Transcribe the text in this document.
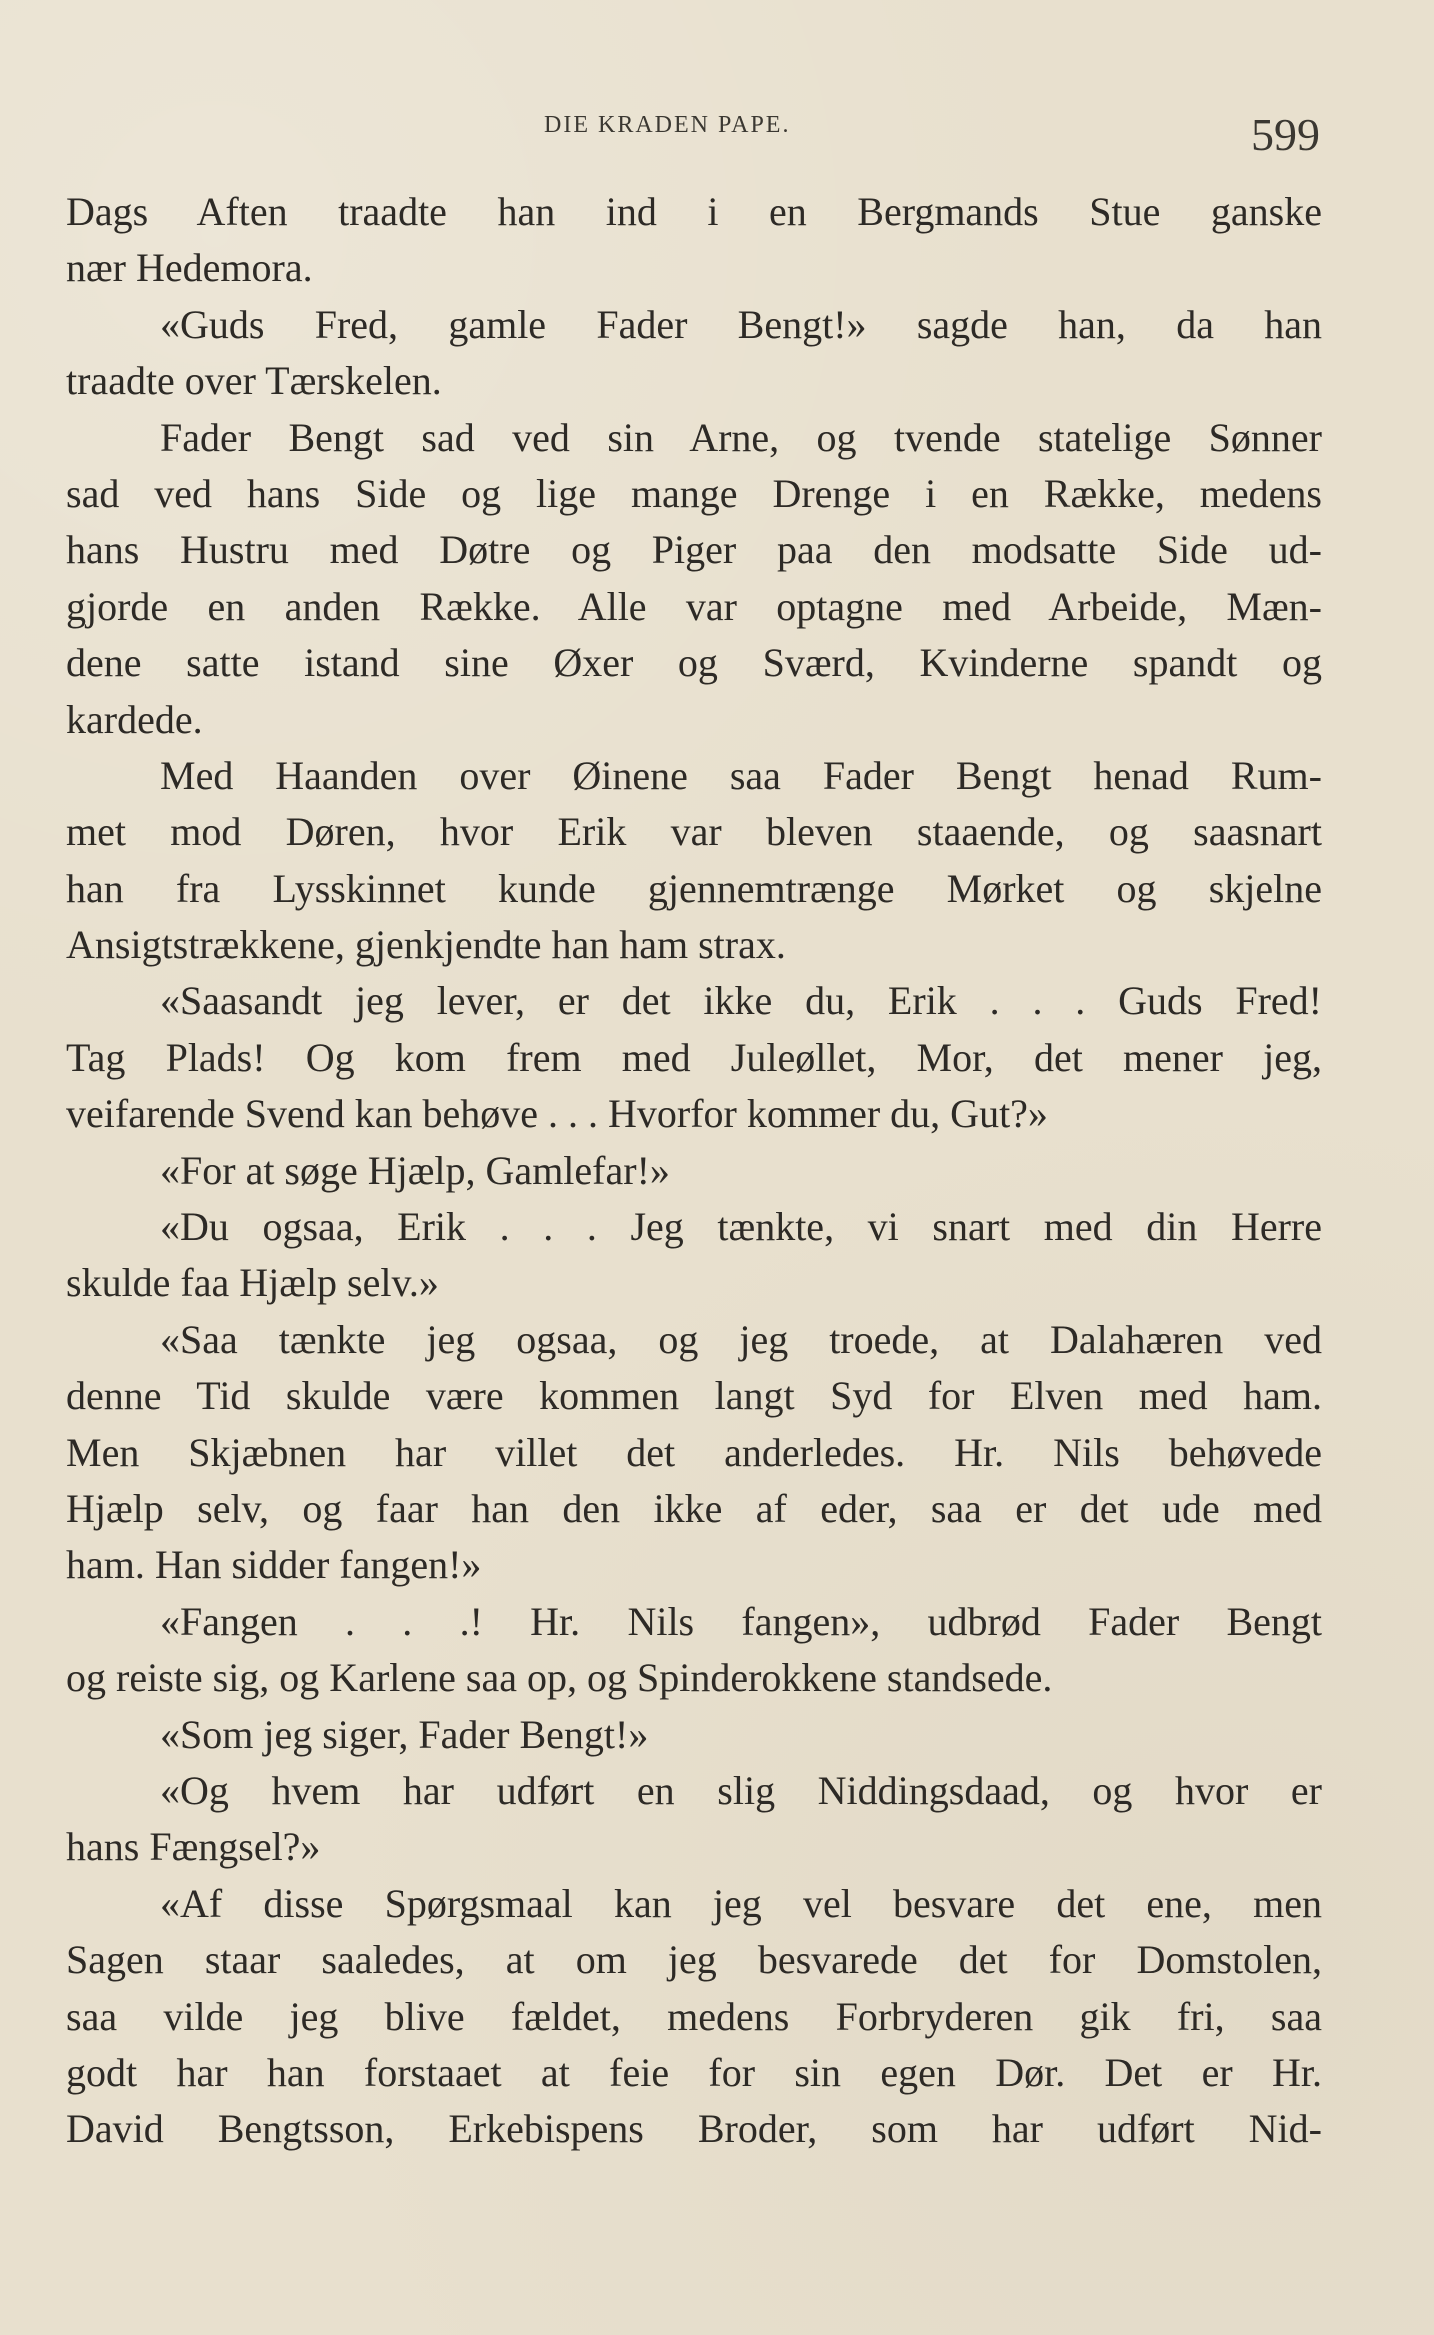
DIE KRADEN PAPE.	599
Dags Aften traadte han ind i en Bergmands Stue ganske
nær Hedemora.
«Guds Fred, gamle Fader Bengt!» sagde han, da han
traadte over Tærskelen.
Fader Bengt sad ved sin Arne, og tvende statelige Sønner
sad ved hans Side og lige mange Drenge i en Række, medens
hans Hustru med Døtre og Piger paa den modsatte Side ud-
gjorde en anden Række. Alle var optagne med Arbeide, Mæn-
dene satte istand sine Øxer og Sværd, Kvinderne spandt og
kardede.
Med Haanden over Øinene saa Fader Bengt henad Rum-
met mod Døren, hvor Erik var bleven staaende, og saasnart
han fra Lysskinnet kunde gjennemtrænge Mørket og skjelne
Ansigtstrækkene, gjenkjendte han ham strax.
«Saasandt jeg lever, er det ikke du, Erik . . . Guds Fred!
Tag Plads! Og kom frem med Juleøllet, Mor, det mener jeg,
veifarende Svend kan behøve . . . Hvorfor kommer du, Gut?»
«For at søge Hjælp, Gamlefar!»
«Du ogsaa, Erik . . . Jeg tænkte, vi snart med din Herre
skulde faa Hjælp selv.»
«Saa tænkte jeg ogsaa, og jeg troede, at Dalahæren ved
denne Tid skulde være kommen langt Syd for Elven med ham.
Men Skjæbnen har villet det anderledes. Hr. Nils behøvede
Hjælp selv, og faar han den ikke af eder, saa er det ude med
ham. Han sidder fangen!»
«Fangen . . .! Hr. Nils fangen», udbrød Fader Bengt
og reiste sig, og Karlene saa op, og Spinderokkene standsede.
«Som jeg siger, Fader Bengt!»
«Og hvem har udført en slig Niddingsdaad, og hvor er
hans Fængsel?»
«Af disse Spørgsmaal kan jeg vel besvare det ene, men
Sagen staar saaledes, at om jeg besvarede det for Domstolen,
saa vilde jeg blive fældet, medens Forbryderen gik fri, saa
godt har han forstaaet at feie for sin egen Dør. Det er Hr.
David Bengtsson, Erkebispens Broder, som har udført Nid-
